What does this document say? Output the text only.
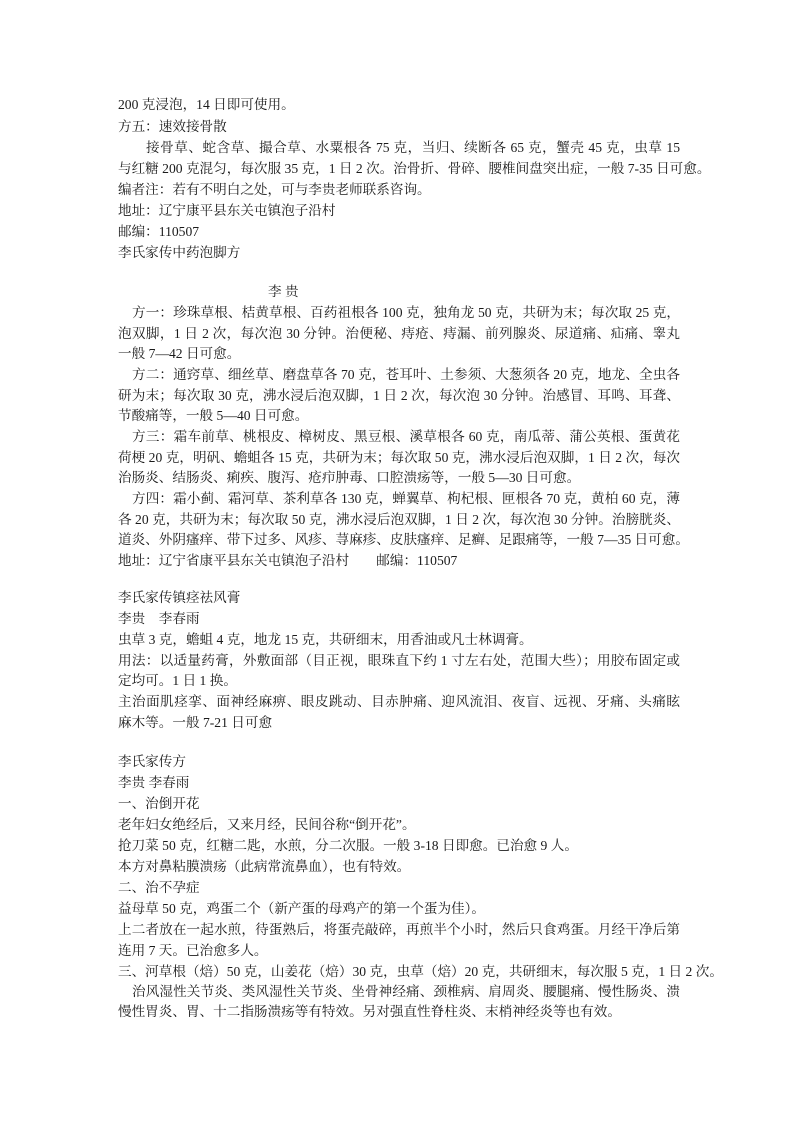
200 克浸泡，14 日即可使用。
方五：速效接骨散
接骨草、蛇含草、撮合草、水粟根各 75 克，当归、续断各 65 克，蟹壳 45 克，虫草 15
与红糖 200 克混匀，每次服 35 克，1 日 2 次。治骨折、骨碎、腰椎间盘突出症，一般 7-35 日可愈。
编者注：若有不明白之处，可与李贵老师联系咨询。
地址：辽宁康平县东关屯镇泡子沿村
邮编：110507
李氏家传中药泡脚方
李 贵
方一：珍珠草根、桔黄草根、百药祖根各 100 克，独角龙 50 克，共研为末；每次取 25 克，
泡双脚，1 日 2 次，每次泡 30 分钟。治便秘、痔疮、痔漏、前列腺炎、尿道痛、疝痛、睾丸
一般 7—42 日可愈。
方二：通窍草、细丝草、磨盘草各 70 克，苍耳叶、土参须、大葱须各 20 克，地龙、全虫各
研为末；每次取 30 克，沸水浸后泡双脚，1 日 2 次，每次泡 30 分钟。治感冒、耳鸣、耳聋、
节酸痛等，一般 5—40 日可愈。
方三：霜车前草、桃根皮、樟树皮、黑豆根、溪草根各 60 克，南瓜蒂、蒲公英根、蛋黄花
荷梗 20 克，明矾、蟾蛆各 15 克，共研为末；每次取 50 克，沸水浸后泡双脚，1 日 2 次，每次
治肠炎、结肠炎、痢疾、腹泻、疮疖肿毒、口腔溃疡等，一般 5—30 日可愈。
方四：霜小蓟、霜河草、茶利草各 130 克，蝉翼草、枸杞根、匣根各 70 克，黄柏 60 克，薄
各 20 克，共研为末；每次取 50 克，沸水浸后泡双脚，1 日 2 次，每次泡 30 分钟。治膀胱炎、
道炎、外阴瘙痒、带下过多、风疹、荨麻疹、皮肤瘙痒、足癣、足跟痛等，一般 7—35 日可愈。
地址：辽宁省康平县东关屯镇泡子沿村　　邮编：110507
李氏家传镇痉祛风膏
李贵　李春雨
虫草 3 克，蟾蛆 4 克，地龙 15 克，共研细末，用香油或凡士林调膏。
用法：以适量药膏，外敷面部（目正视，眼珠直下约 1 寸左右处，范围大些）；用胶布固定或
定均可。1 日 1 换。
主治面肌痉挛、面神经麻痹、眼皮跳动、目赤肿痛、迎风流泪、夜盲、远视、牙痛、头痛眩
麻木等。一般 7-21 日可愈
李氏家传方
李贵 李春雨
一、治倒开花
老年妇女绝经后，又来月经，民间谷称“倒开花”。
抢刀菜 50 克，红糖二匙，水煎，分二次服。一般 3-18 日即愈。已治愈 9 人。
本方对鼻粘膜溃疡（此病常流鼻血），也有特效。
二、治不孕症
益母草 50 克，鸡蛋二个（新产蛋的母鸡产的第一个蛋为佳）。
上二者放在一起水煎，待蛋熟后，将蛋壳敲碎，再煎半个小时，然后只食鸡蛋。月经干净后第
连用 7 天。已治愈多人。
三、河草根（焙）50 克，山姜花（焙）30 克，虫草（焙）20 克，共研细末，每次服 5 克，1 日 2 次。
治风湿性关节炎、类风湿性关节炎、坐骨神经痛、颈椎病、肩周炎、腰腿痛、慢性肠炎、溃
慢性胃炎、胃、十二指肠溃疡等有特效。另对强直性脊柱炎、末梢神经炎等也有效。
